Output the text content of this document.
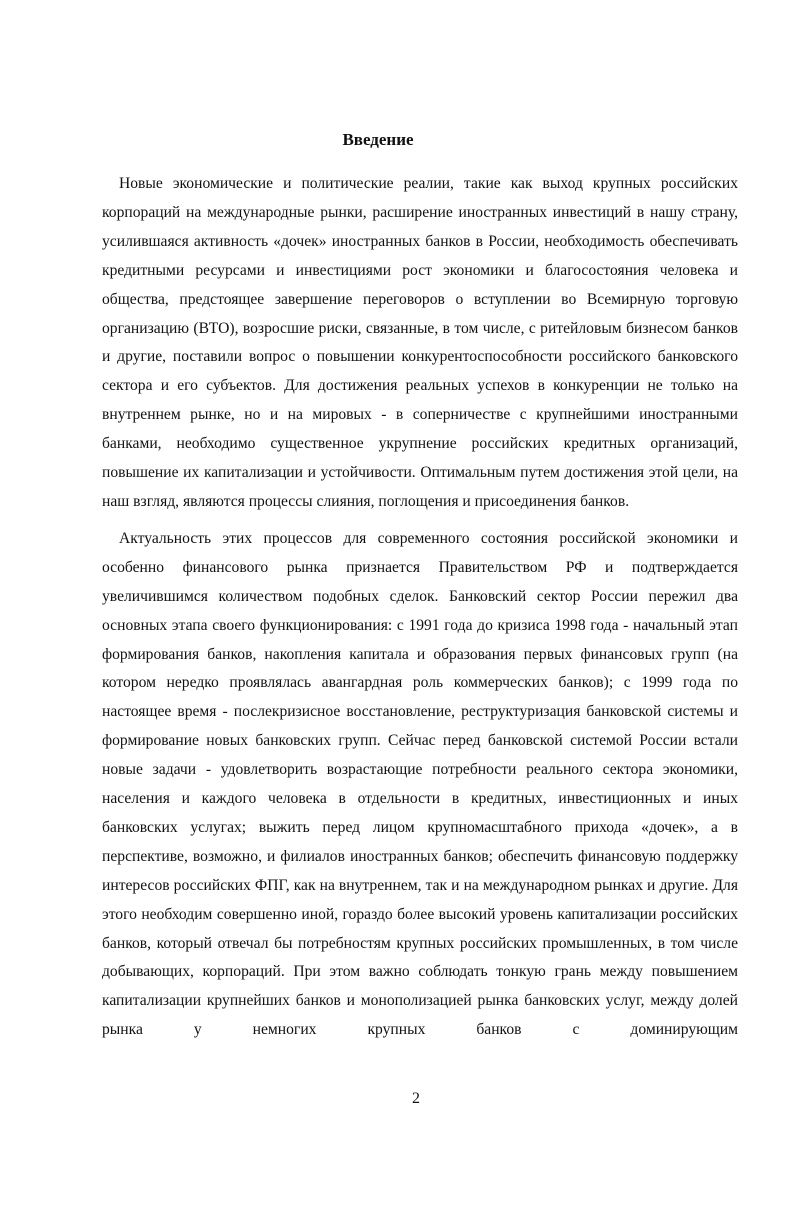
Введение

Новые экономические и политические реалии, такие как выход крупных российских корпораций на международные рынки, расширение иностранных инвестиций в нашу страну, усилившаяся активность «дочек» иностранных банков в России, необходимость обеспечивать кредитными ресурсами и инвестициями рост экономики и благосостояния человека и общества, предстоящее завершение переговоров о вступлении во Всемирную торговую организацию (ВТО), возросшие риски, связанные, в том числе, с ритейловым бизнесом банков и другие, поставили вопрос о повышении конкурентоспособности российского банковского сектора и его субъектов. Для достижения реальных успехов в конкуренции не только на внутреннем рынке, но и на мировых - в соперничестве с крупнейшими иностранными банками, необходимо существенное укрупнение российских кредитных организаций, повышение их капитализации и устойчивости. Оптимальным путем достижения этой цели, на наш взгляд, являются процессы слияния, поглощения и присоединения банков.

Актуальность этих процессов для современного состояния российской экономики и особенно финансового рынка признается Правительством РФ и подтверждается увеличившимся количеством подобных сделок. Банковский сектор России пережил два основных этапа своего функционирования: с 1991 года до кризиса 1998 года - начальный этап формирования банков, накопления капитала и образования первых финансовых групп (на котором нередко проявлялась авангардная роль коммерческих банков); с 1999 года по настоящее время - послекризисное восстановление, реструктуризация банковской системы и формирование новых банковских групп. Сейчас перед банковской системой России встали новые задачи - удовлетворить возрастающие потребности реального сектора экономики, населения и каждого человека в отдельности в кредитных, инвестиционных и иных банковских услугах; выжить перед лицом крупномасштабного прихода «дочек», а в перспективе, возможно, и филиалов иностранных банков; обеспечить финансовую поддержку интересов российских ФПГ, как на внутреннем, так и на международном рынках и другие. Для этого необходим совершенно иной, гораздо более высокий уровень капитализации российских банков, который отвечал бы потребностям крупных российских промышленных, в том числе добывающих, корпораций. При этом важно соблюдать тонкую грань между повышением капитализации крупнейших банков и монополизацией рынка банковских услуг, между долей рынка у немногих крупных банков с доминирующим

2
